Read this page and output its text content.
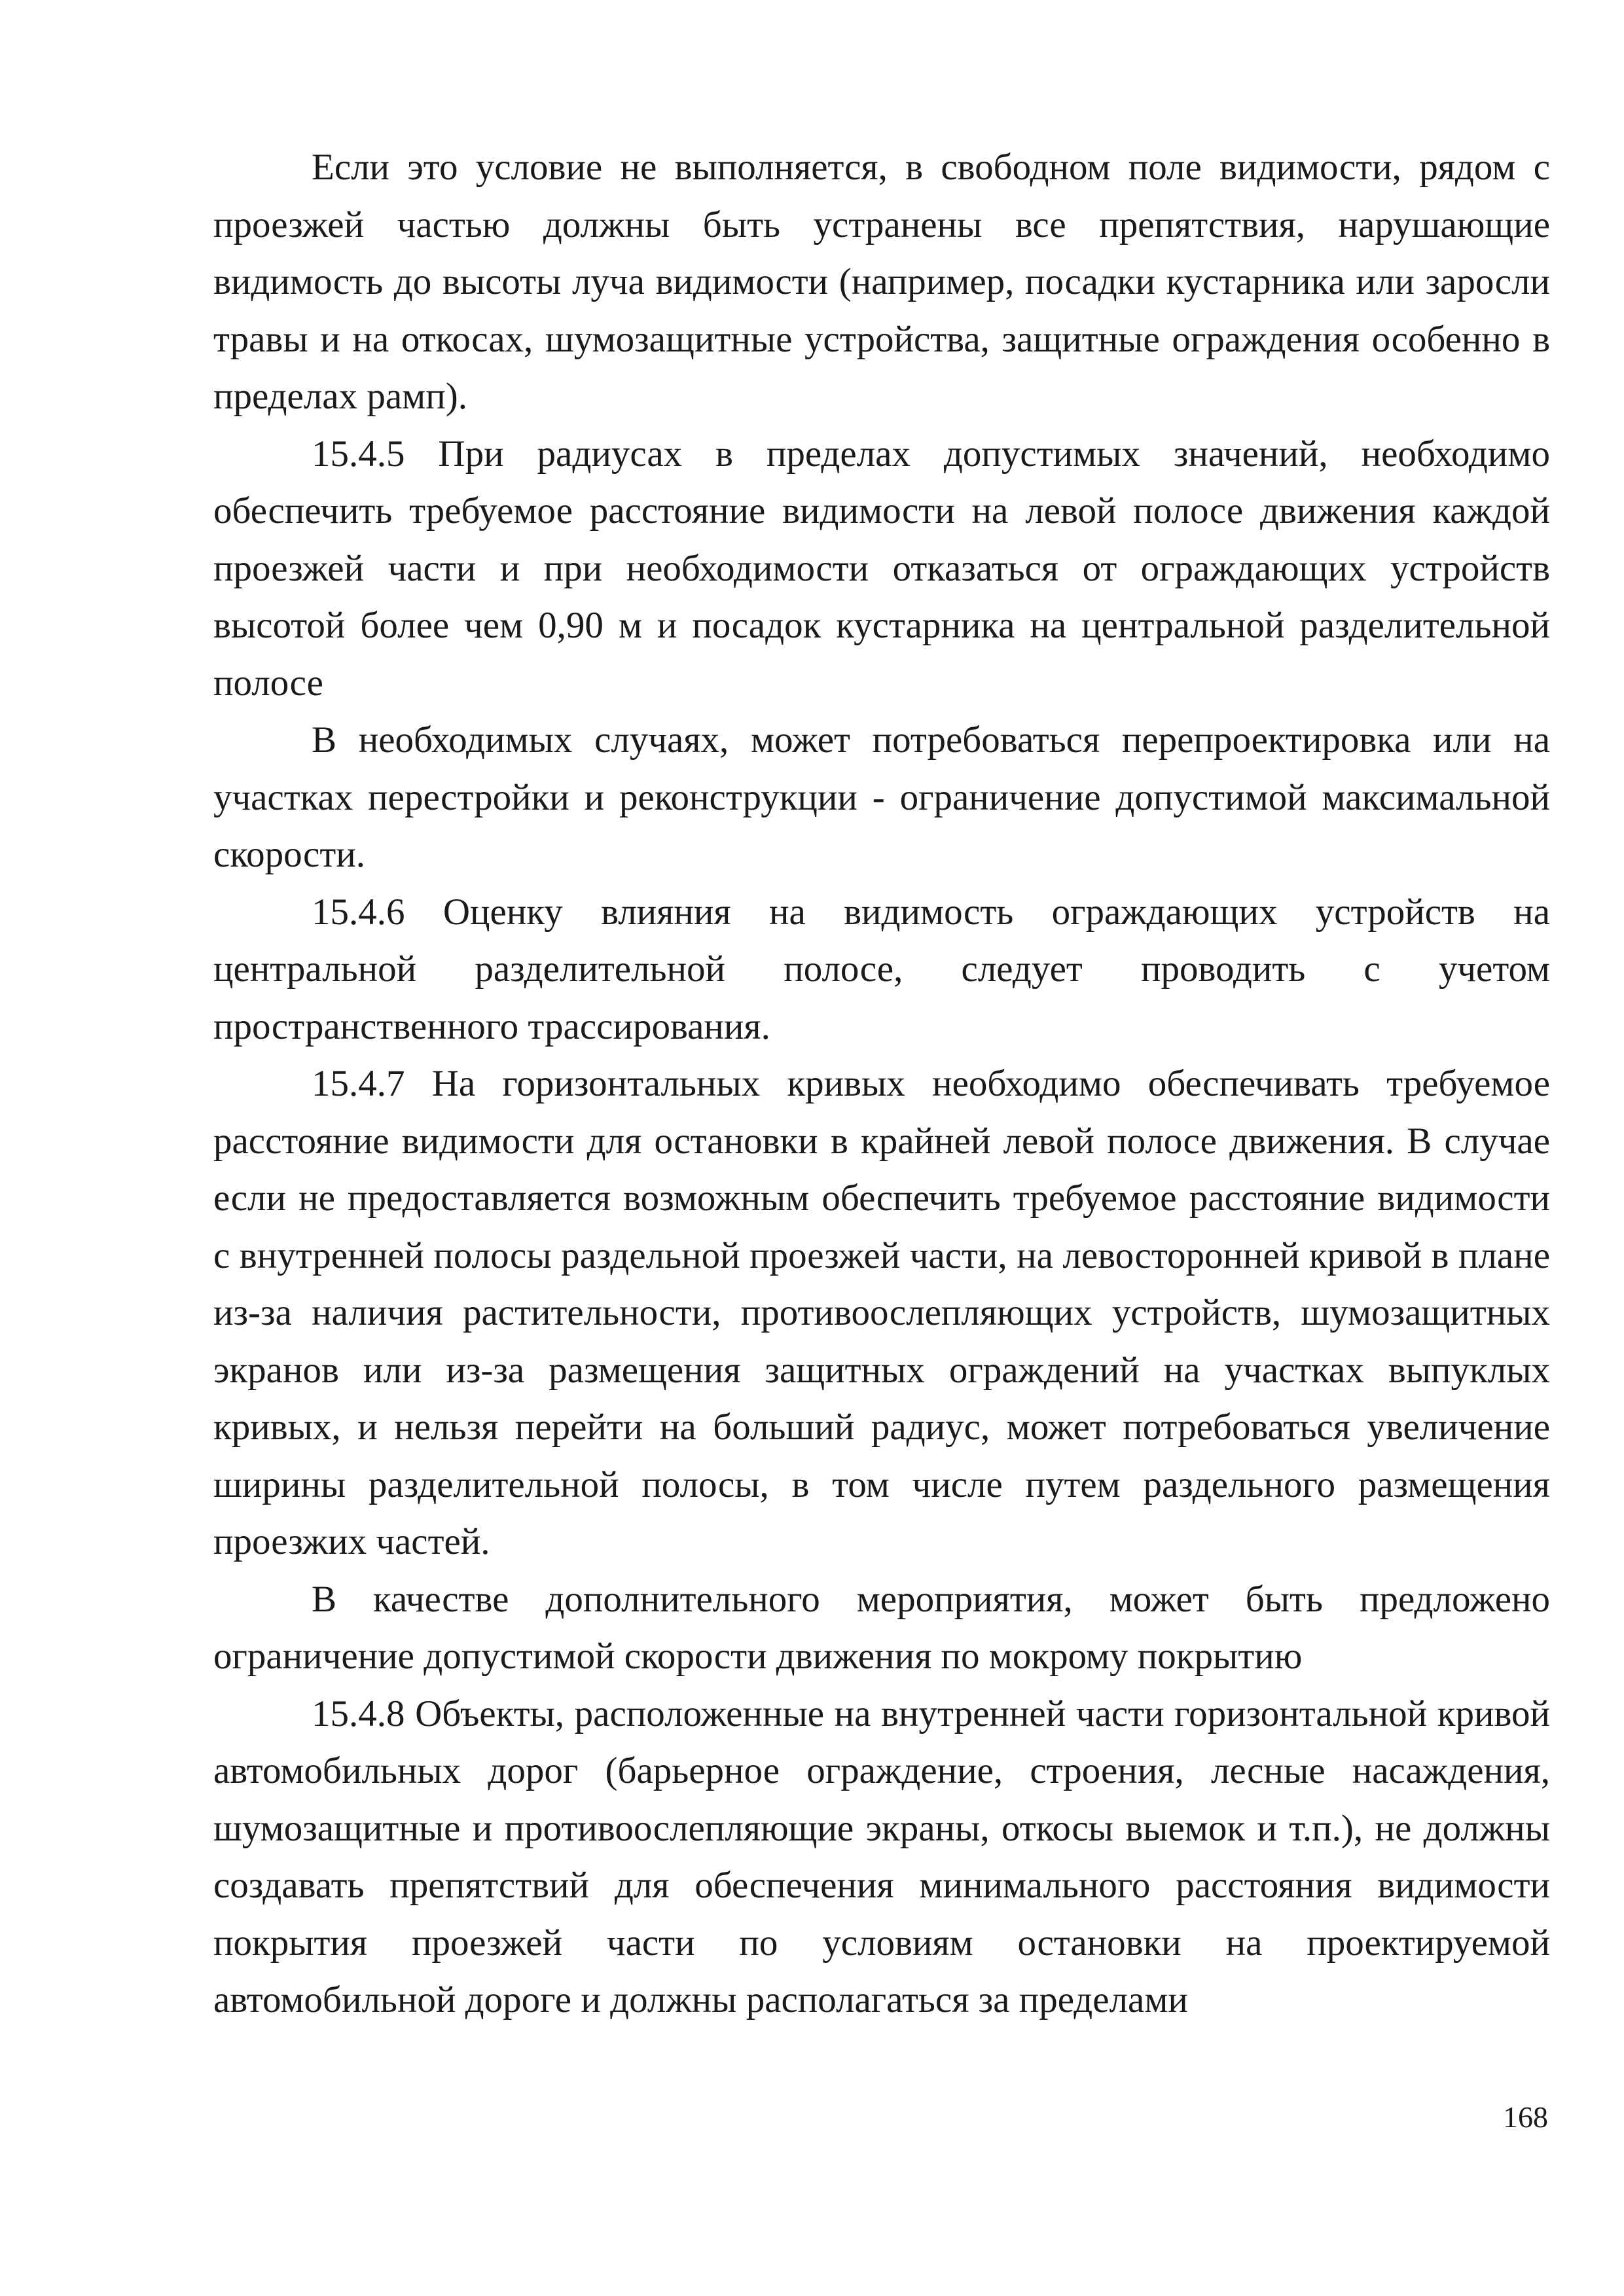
Если это условие не выполняется, в свободном поле видимости, рядом с проезжей частью должны быть устранены все препятствия, нарушающие видимость до высоты луча видимости (например, посадки кустарника или заросли травы и на откосах, шумозащитные устройства, защитные ограждения особенно в пределах рамп).

15.4.5 При радиусах в пределах допустимых значений, необходимо обеспечить требуемое расстояние видимости на левой полосе движения каждой проезжей части и при необходимости отказаться от ограждающих устройств высотой более чем 0,90 м и посадок кустарника на центральной разделительной полосе

В необходимых случаях, может потребоваться перепроектировка или на участках перестройки и реконструкции - ограничение допустимой максимальной скорости.

15.4.6 Оценку влияния на видимость ограждающих устройств на центральной разделительной полосе, следует проводить с учетом пространственного трассирования.

15.4.7 На горизонтальных кривых необходимо обеспечивать требуемое расстояние видимости для остановки в крайней левой полосе движения. В случае если не предоставляется возможным обеспечить требуемое расстояние видимости с внутренней полосы раздельной проезжей части, на левосторонней кривой в плане из-за наличия растительности, противоослепляющих устройств, шумозащитных экранов или из-за размещения защитных ограждений на участках выпуклых кривых, и нельзя перейти на больший радиус, может потребоваться увеличение ширины разделительной полосы, в том числе путем раздельного размещения проезжих частей.

В качестве дополнительного мероприятия, может быть предложено ограничение допустимой скорости движения по мокрому покрытию

15.4.8 Объекты, расположенные на внутренней части горизонтальной кривой автомобильных дорог (барьерное ограждение, строения, лесные насаждения, шумозащитные и противоослепляющие экраны, откосы выемок и т.п.), не должны создавать препятствий для обеспечения минимального расстояния видимости покрытия проезжей части по условиям остановки на проектируемой автомобильной дороге и должны располагаться за пределами

168
